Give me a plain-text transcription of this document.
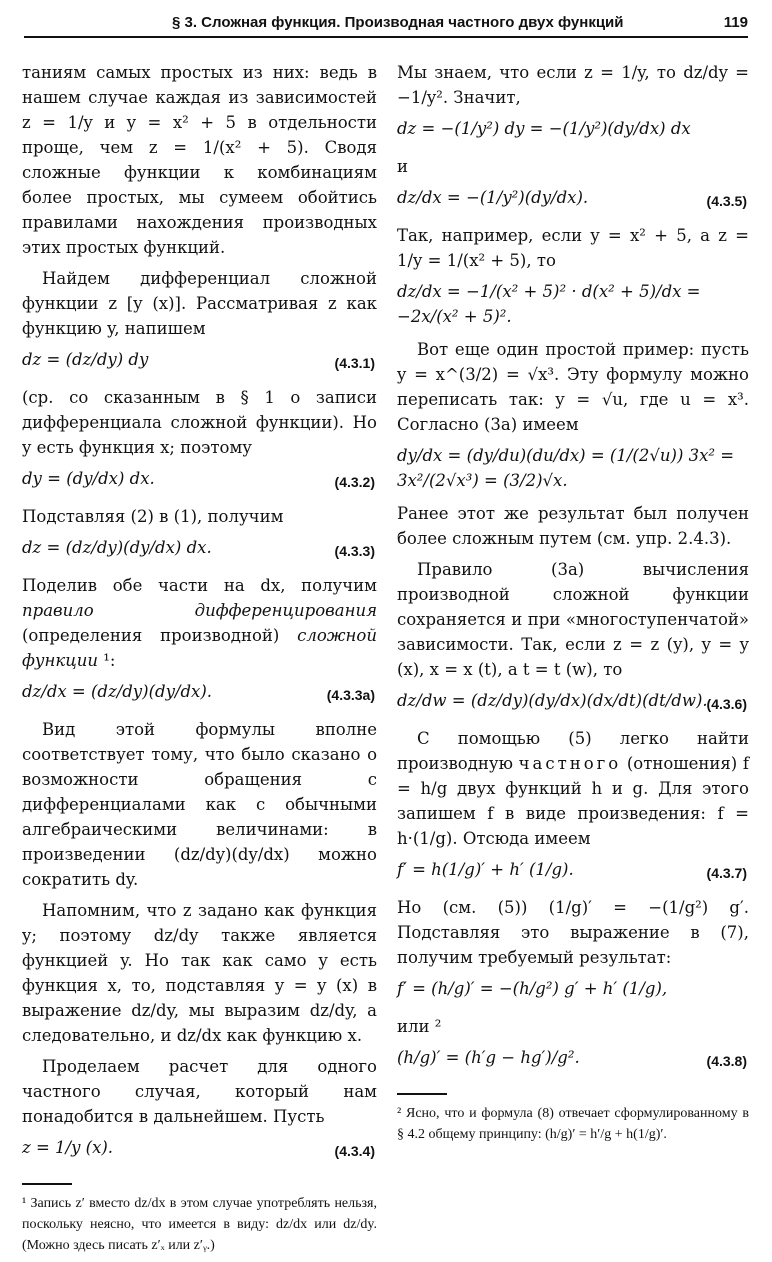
§ 3. Сложная функция. Производная частного двух функций	119

таниям самых простых из них: ведь в нашем случае каждая из зависимостей z = 1/y и y = x² + 5 в отдельности проще, чем z = 1/(x² + 5). Сводя сложные функции к комбинациям более простых, мы сумеем обойтись правилами нахождения производных этих простых функций.

Найдем дифференциал сложной функции z [y (x)]. Рассматривая z как функцию y, напишем

dz = (dz/dy) dy	(4.3.1)

(ср. со сказанным в § 1 о записи дифференциала сложной функции). Но y есть функция x; поэтому

dy = (dy/dx) dx.	(4.3.2)

Подставляя (2) в (1), получим

dz = (dz/dy)(dy/dx) dx.	(4.3.3)

Поделив обе части на dx, получим правило дифференцирования (определения производной) сложной функции ¹:

dz/dx = (dz/dy)(dy/dx).	(4.3.3а)

Вид этой формулы вполне соответствует тому, что было сказано о возможности обращения с дифференциалами как с обычными алгебраическими величинами: в произведении (dz/dy)(dy/dx) можно сократить dy.

Напомним, что z задано как функция y; поэтому dz/dy также является функцией y. Но так как само y есть функция x, то, подставляя y = y (x) в выражение dz/dy, мы выразим dz/dy, а следовательно, и dz/dx как функцию x.

Проделаем расчет для одного частного случая, который нам понадобится в дальнейшем. Пусть

z = 1/y (x).	(4.3.4)

¹ Запись z′ вместо dz/dx в этом случае употреблять нельзя, поскольку неясно, что имеется в виду: dz/dx или dz/dy. (Можно здесь писать z′ₓ или z′ᵧ.)

Мы знаем, что если z = 1/y, то dz/dy = −1/y². Значит,

dz = −(1/y²) dy = −(1/y²)(dy/dx) dx

и

dz/dx = −(1/y²)(dy/dx).	(4.3.5)

Так, например, если y = x² + 5, а z = 1/y = 1/(x² + 5), то

dz/dx = −1/(x² + 5)² · d(x² + 5)/dx = −2x/(x² + 5)².

Вот еще один простой пример: пусть y = x^(3/2) = √x³. Эту формулу можно переписать так: y = √u, где u = x³. Согласно (3а) имеем

dy/dx = (dy/du)(du/dx) = (1/(2√u)) 3x² = 3x²/(2√x³) = (3/2)√x.

Ранее этот же результат был получен более сложным путем (см. упр. 2.4.3).

Правило (3а) вычисления производной сложной функции сохраняется и при «многоступенчатой» зависимости. Так, если z = z (y), y = y (x), x = x (t), а t = t (w), то

dz/dw = (dz/dy)(dy/dx)(dx/dt)(dt/dw).
(4.3.6)

С помощью (5) легко найти производную частного (отношения) f = h/g двух функций h и g. Для этого запишем f в виде произведения: f = h·(1/g). Отсюда имеем

f′ = h(1/g)′ + h′ (1/g).	(4.3.7)

Но (см. (5)) (1/g)′ = −(1/g²) g′. Подставляя это выражение в (7), получим требуемый результат:

f′ = (h/g)′ = −(h/g²) g′ + h′ (1/g),

или ²

(h/g)′ = (h′g − hg′)/g².	(4.3.8)

² Ясно, что и формула (8) отвечает сформулированному в § 4.2 общему принципу: (h/g)′ = h′/g + h(1/g)′.
